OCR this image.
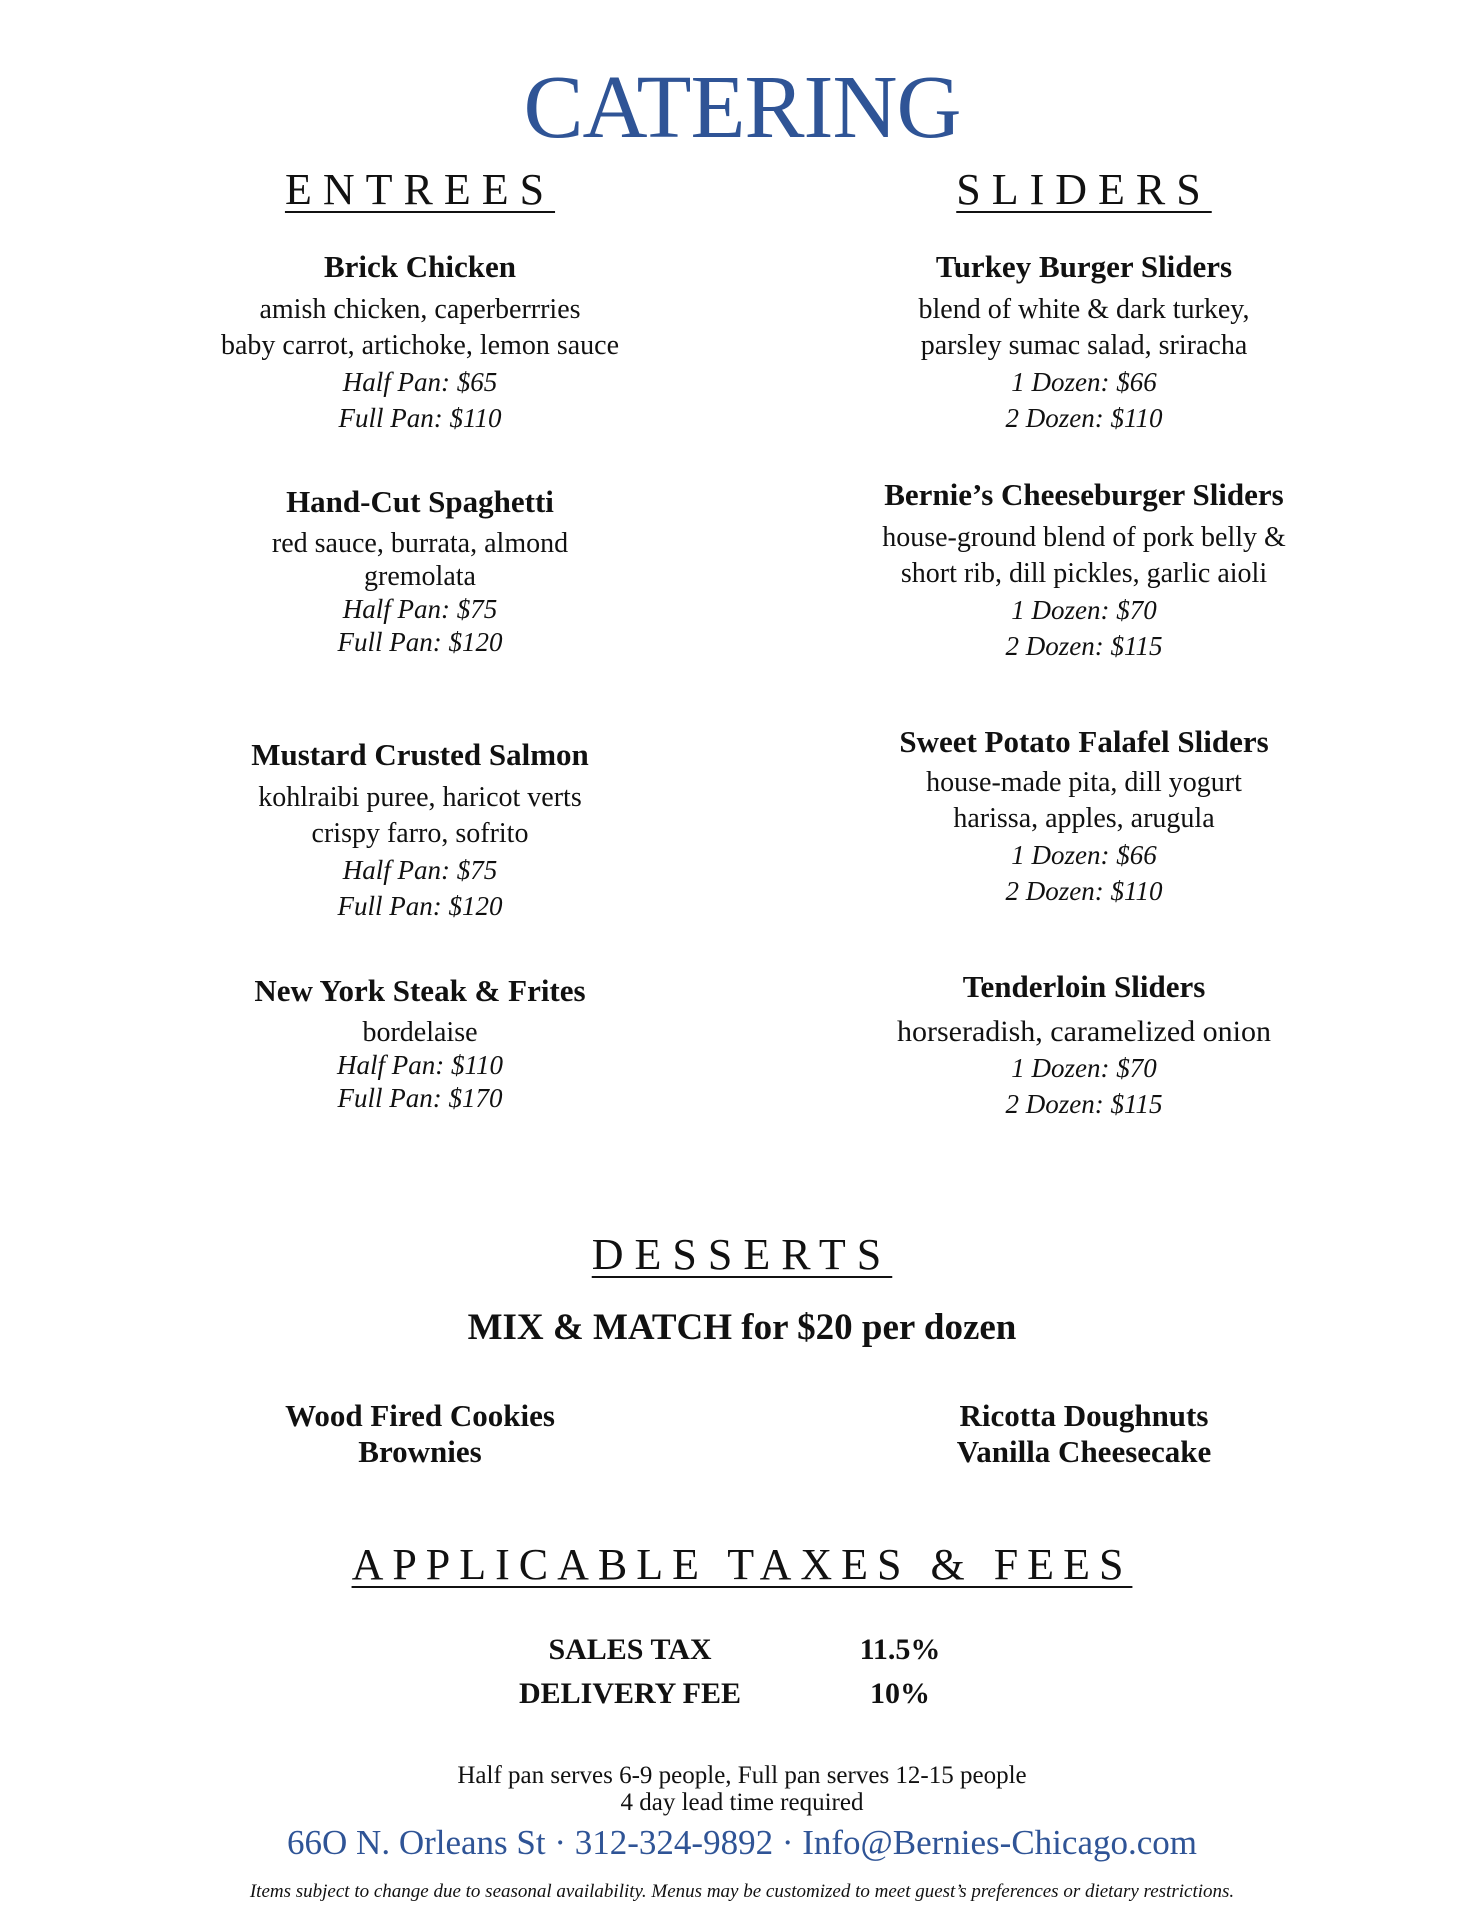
CATERING
ENTREES	SLIDERS
Brick Chicken
amish chicken, caperberrries
baby carrot, artichoke, lemon sauce
Half Pan: $65
Full Pan: $110
Hand-Cut Spaghetti
red sauce, burrata, almond
gremolata
Half Pan: $75
Full Pan: $120
Mustard Crusted Salmon
kohlraibi puree, haricot verts
crispy farro, sofrito
Half Pan: $75
Full Pan: $120
New York Steak & Frites
bordelaise
Half Pan: $110
Full Pan: $170
Turkey Burger Sliders
blend of white & dark turkey,
parsley sumac salad, sriracha
1 Dozen: $66
2 Dozen: $110
Bernie’s Cheeseburger Sliders
house-ground blend of pork belly &
short rib, dill pickles, garlic aioli
1 Dozen: $70
2 Dozen: $115
Sweet Potato Falafel Sliders
house-made pita, dill yogurt
harissa, apples, arugula
1 Dozen: $66
2 Dozen: $110
Tenderloin Sliders
horseradish, caramelized onion
1 Dozen: $70
2 Dozen: $115
DESSERTS
MIX & MATCH for $20 per dozen
Wood Fired Cookies
Brownies
Ricotta Doughnuts
Vanilla Cheesecake
APPLICABLE TAXES & FEES
SALES TAX	11.5%
DELIVERY FEE	10%
Half pan serves 6-9 people, Full pan serves 12-15 people
4 day lead time required
66O N. Orleans St · 312-324-9892 · Info@Bernies-Chicago.com
Items subject to change due to seasonal availability. Menus may be customized to meet guest’s preferences or dietary restrictions.
